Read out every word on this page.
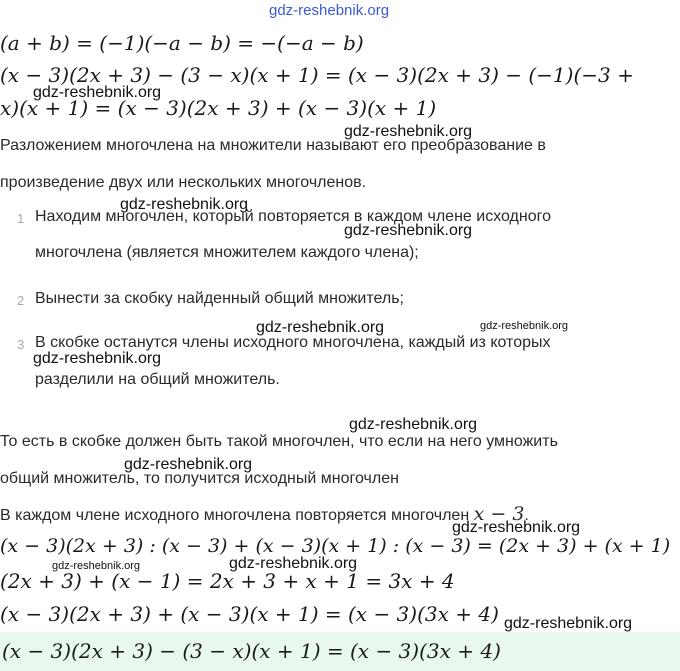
gdz-reshebnik.org
(a + b) = (−1)(−a − b) = −(−a − b)
(x − 3)(2x + 3) − (3 − x)(x + 1) = (x − 3)(2x + 3) − (−1)(−3 +
x)(x + 1) = (x − 3)(2x + 3) + (x − 3)(x + 1)
Разложением многочлена на множители называют его преобразование в
произведение двух или нескольких многочленов.
1 Находим многочлен, который повторяется в каждом члене исходного
многочлена (является множителем каждого члена);
2 Вынести за скобку найденный общий множитель;
3 В скобке останутся члены исходного многочлена, каждый из которых
разделили на общий множитель.
То есть в скобке должен быть такой многочлен, что если на него умножить
общий множитель, то получится исходный многочлен
В каждом члене исходного многочлена повторяется многочлен x − 3.
(x − 3)(2x + 3) : (x − 3) + (x − 3)(x + 1) : (x − 3) = (2x + 3) + (x + 1)
(2x + 3) + (x − 1) = 2x + 3 + x + 1 = 3x + 4
(x − 3)(2x + 3) + (x − 3)(x + 1) = (x − 3)(3x + 4)
(x − 3)(2x + 3) − (3 − x)(x + 1) = (x − 3)(3x + 4)
gdz-reshebnik.org
gdz-reshebnik.org
gdz-reshebnik.org
gdz-reshebnik.org
gdz-reshebnik.org	gdz-reshebnik.org
gdz-reshebnik.org
gdz-reshebnik.org
gdz-reshebnik.org
gdz-reshebnik.org
gdz-reshebnik.org	gdz-reshebnik.org
gdz-reshebnik.org
